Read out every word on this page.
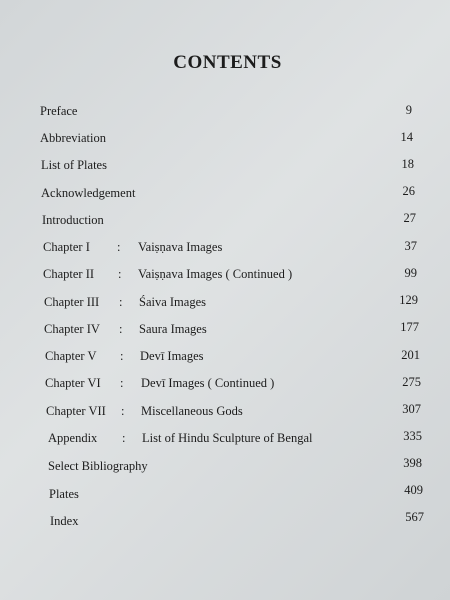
CONTENTS
Preface	9
Abbreviation	14
List of Plates	18
Acknowledgement	26
Introduction	27
Chapter I : Vaiṣṇava Images	37
Chapter II : Vaiṣṇava Images ( Continued )	99
Chapter III : Śaiva Images	129
Chapter IV : Saura Images	177
Chapter V : Devī Images	201
Chapter VI : Devī Images ( Continued )	275
Chapter VII : Miscellaneous Gods	307
Appendix : List of Hindu Sculpture of Bengal	335
Select Bibliography	398
Plates	409
Index	567
